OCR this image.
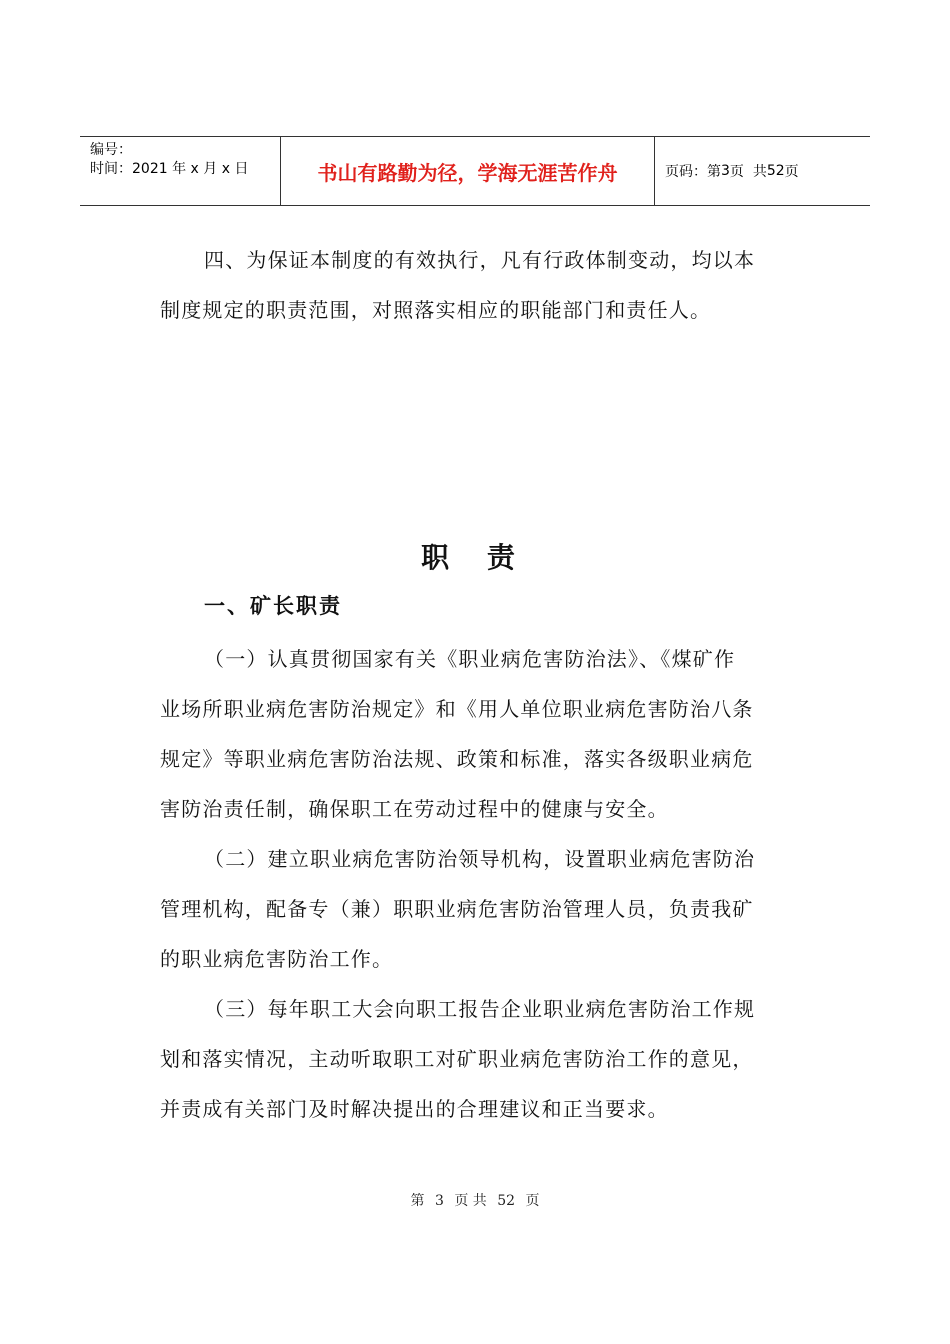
编号：
时间：2021 年 x 月 x 日	书山有路勤为径，学海无涯苦作舟	页码：第 3 页  共 52 页
四、为保证本制度的有效执行，凡有行政体制变动，均以本
制度规定的职责范围，对照落实相应的职能部门和责任人。
职 责
一、矿长职责
（一）认真贯彻国家有关《职业病危害防治法》、《煤矿作
业场所职业病危害防治规定》和《用人单位职业病危害防治八条
规定》等职业病危害防治法规、政策和标准，落实各级职业病危
害防治责任制，确保职工在劳动过程中的健康与安全。
（二）建立职业病危害防治领导机构，设置职业病危害防治
管理机构，配备专（兼）职职业病危害防治管理人员，负责我矿
的职业病危害防治工作。
（三）每年职工大会向职工报告企业职业病危害防治工作规
划和落实情况，主动听取职工对矿职业病危害防治工作的意见，
并责成有关部门及时解决提出的合理建议和正当要求。
第 3 页 共 52 页
